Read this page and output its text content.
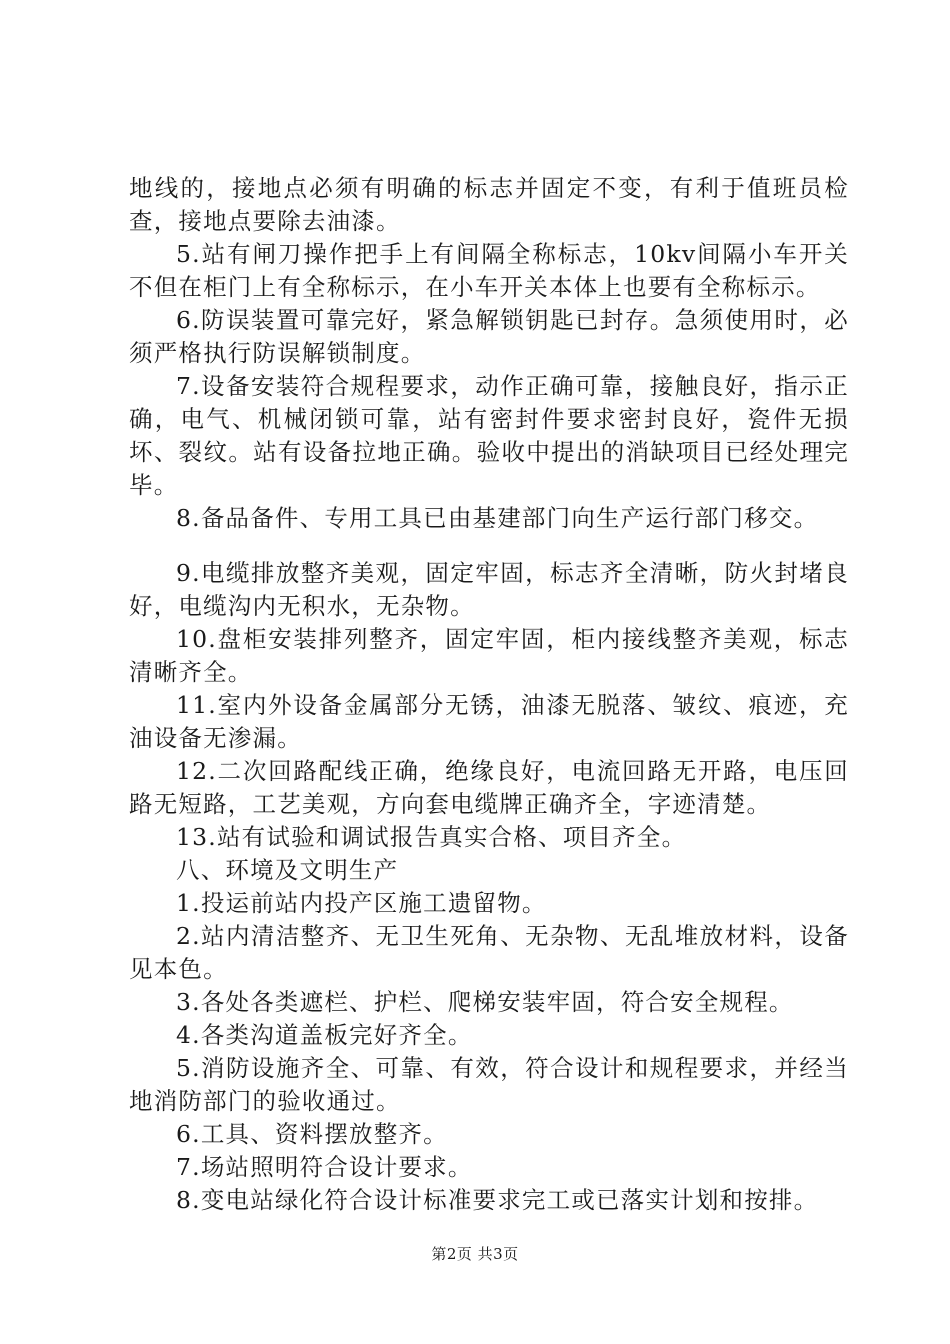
地线的，接地点必须有明确的标志并固定不变，有利于值班员检查，接地点要除去油漆。

5.站有闸刀操作把手上有间隔全称标志，10kv间隔小车开关不但在柜门上有全称标示，在小车开关本体上也要有全称标示。

6.防误装置可靠完好，紧急解锁钥匙已封存。急须使用时，必须严格执行防误解锁制度。

7.设备安装符合规程要求，动作正确可靠，接触良好，指示正确，电气、机械闭锁可靠，站有密封件要求密封良好，瓷件无损坏、裂纹。站有设备拉地正确。验收中提出的消缺项目已经处理完毕。

8.备品备件、专用工具已由基建部门向生产运行部门移交。

9.电缆排放整齐美观，固定牢固，标志齐全清晰，防火封堵良好，电缆沟内无积水，无杂物。

10.盘柜安装排列整齐，固定牢固，柜内接线整齐美观，标志清晰齐全。

11.室内外设备金属部分无锈，油漆无脱落、皱纹、痕迹，充油设备无渗漏。

12.二次回路配线正确，绝缘良好，电流回路无开路，电压回路无短路，工艺美观，方向套电缆牌正确齐全，字迹清楚。

13.站有试验和调试报告真实合格、项目齐全。

八、环境及文明生产

1.投运前站内投产区施工遗留物。

2.站内清洁整齐、无卫生死角、无杂物、无乱堆放材料，设备见本色。

3.各处各类遮栏、护栏、爬梯安装牢固，符合安全规程。

4.各类沟道盖板完好齐全。

5.消防设施齐全、可靠、有效，符合设计和规程要求，并经当地消防部门的验收通过。

6.工具、资料摆放整齐。

7.场站照明符合设计要求。

8.变电站绿化符合设计标准要求完工或已落实计划和按排。

第2页 共3页
